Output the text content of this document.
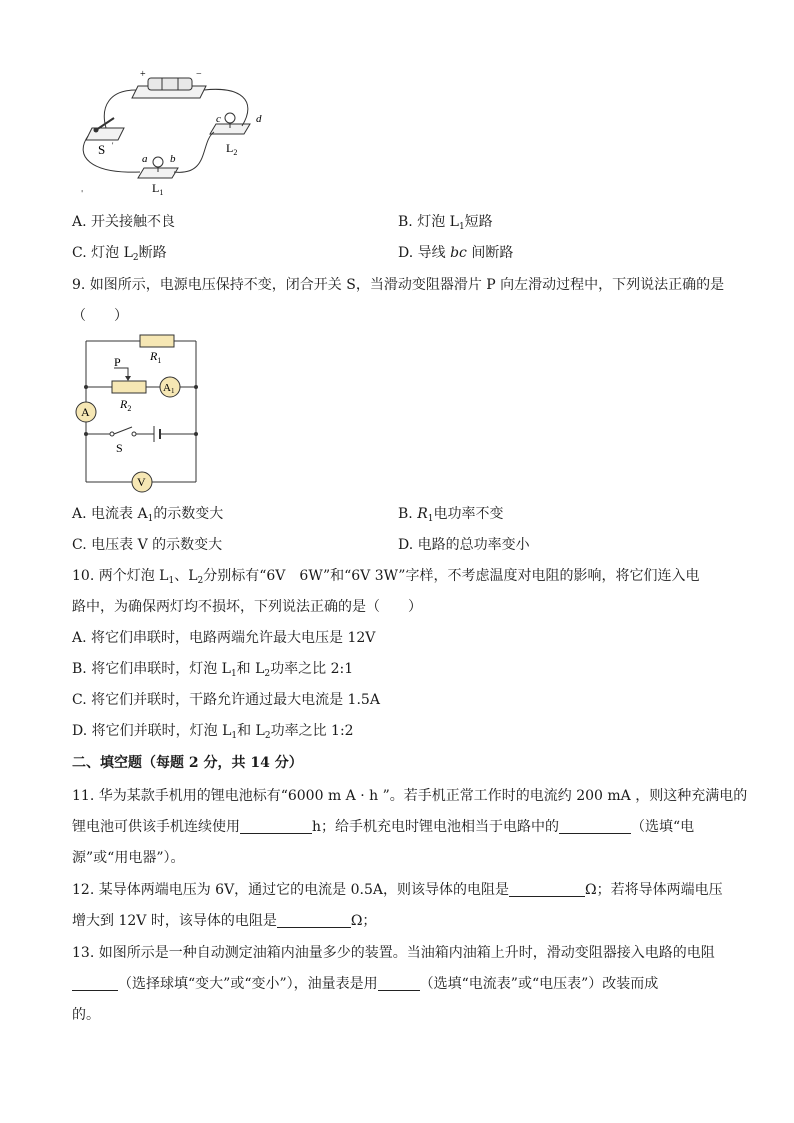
+	−
S '	$L_2$
c	d
$L_1$
a b
'
A. 开关接触不良	B. 灯泡 $L_1$短路
C. 灯泡 $L_2$断路	D. 导线 bc 间断路
9. 如图所示，电源电压保持不变，闭合开关 S，当滑动变阻器滑片 P 向左滑动过程中，下列说法正确的是
（　　）
$R_1$
A1
P
$R_2$
A
S
V
A. 电流表 $A_1$的示数变大	B. $R_1$电功率不变
C. 电压表 V 的示数变大	D. 电路的总功率变小
10. 两个灯泡 $L_1$、$L_2$分别标有“6V　6W”和“6V 3W”字样，不考虑温度对电阻的影响，将它们连入电
路中，为确保两灯均不损坏，下列说法正确的是（　　）
A. 将它们串联时，电路两端允许最大电压是 12V
B. 将它们串联时，灯泡 $L_1$和 $L_2$功率之比 2:1
C. 将它们并联时，干路允许通过最大电流是 1.5A
D. 将它们并联时，灯泡 $L_1$和 $L_2$功率之比 1:2
二、填空题（每题 2 分，共 14 分）
11. 华为某款手机用的锂电池标有“6000 m A · h ”。若手机正常工作时的电流约 200 mA ，则这种充满电的
锂电池可供该手机连续使用	h；给手机充电时锂电池相当于电路中的	（选填“电
源”或“用电器”）。
12. 某导体两端电压为 6V，通过它的电流是 0.5A，则该导体的电阻是	Ω；若将导体两端电压
增大到 12V 时，该导体的电阻是	Ω；
13. 如图所示是一种自动测定油箱内油量多少的装置。当油箱内油箱上升时，滑动变阻器接入电路的电阻
（选择球填“变大”或“变小”），油量表是用	（选填“电流表”或“电压表”）改装而成
的。
